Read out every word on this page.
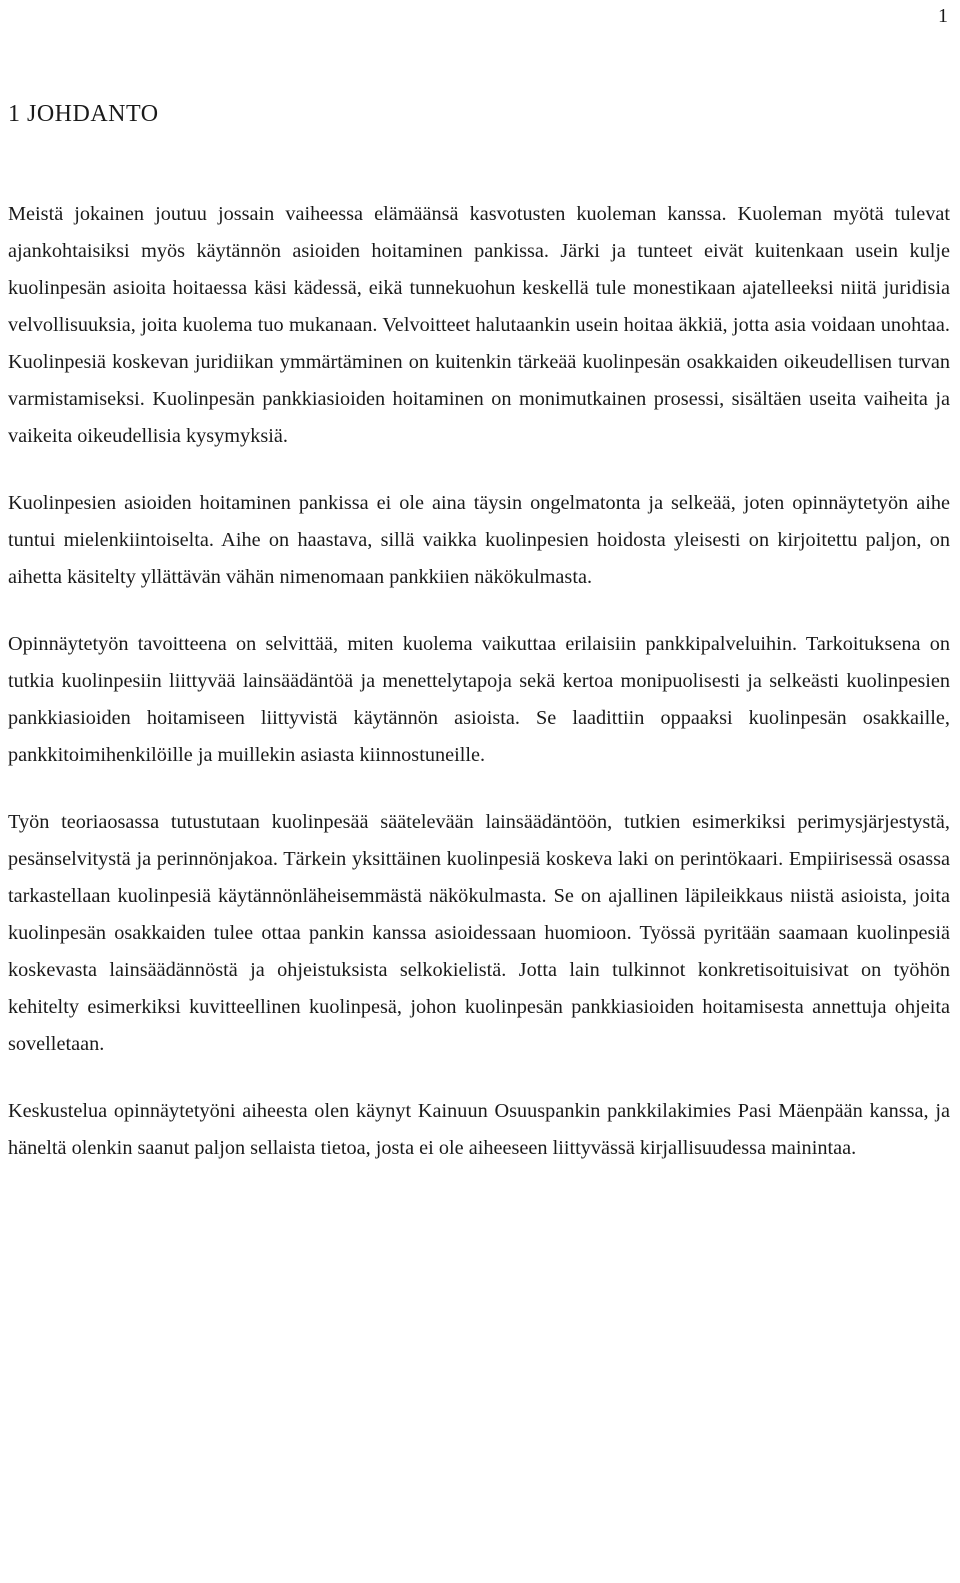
1
1 JOHDANTO

Meistä jokainen joutuu jossain vaiheessa elämäänsä kasvotusten kuoleman kanssa. Kuoleman myötä tulevat ajankohtaisiksi myös käytännön asioiden hoitaminen pankissa. Järki ja tunteet eivät kuitenkaan usein kulje kuolinpesän asioita hoitaessa käsi kädessä, eikä tunnekuohun keskellä tule monestikaan ajatelleeksi niitä juridisia velvollisuuksia, joita kuolema tuo mukanaan. Velvoitteet halutaankin usein hoitaa äkkiä, jotta asia voidaan unohtaa. Kuolinpesiä koskevan juridiikan ymmärtäminen on kuitenkin tärkeää kuolinpesän osakkaiden oikeudellisen turvan varmistamiseksi. Kuolinpesän pankkiasioiden hoitaminen on monimutkainen prosessi, sisältäen useita vaiheita ja vaikeita oikeudellisia kysymyksiä.

Kuolinpesien asioiden hoitaminen pankissa ei ole aina täysin ongelmatonta ja selkeää, joten opinnäytetyön aihe tuntui mielenkiintoiselta. Aihe on haastava, sillä vaikka kuolinpesien hoidosta yleisesti on kirjoitettu paljon, on aihetta käsitelty yllättävän vähän nimenomaan pankkiien näkökulmasta.

Opinnäytetyön tavoitteena on selvittää, miten kuolema vaikuttaa erilaisiin pankkipalveluihin. Tarkoituksena on tutkia kuolinpesiin liittyvää lainsäädäntöä ja menettelytapoja sekä kertoa monipuolisesti ja selkeästi kuolinpesien pankkiasioiden hoitamiseen liittyvistä käytännön asioista. Se laadittiin oppaaksi kuolinpesän osakkaille, pankkitoimihenkilöille ja muillekin asiasta kiinnostuneille.

Työn teoriaosassa tutustutaan kuolinpesää säätelevään lainsäädäntöön, tutkien esimerkiksi perimysjärjestystä, pesänselvitystä ja perinnönjakoa. Tärkein yksittäinen kuolinpesiä koskeva laki on perintökaari. Empiirisessä osassa tarkastellaan kuolinpesiä käytännönläheisemmästä näkökulmasta. Se on ajallinen läpileikkaus niistä asioista, joita kuolinpesän osakkaiden tulee ottaa pankin kanssa asioidessaan huomioon. Työssä pyritään saamaan kuolinpesiä koskevasta lainsäädännöstä ja ohjeistuksista selkokielistä. Jotta lain tulkinnot konkretisoituisivat on työhön kehitelty esimerkiksi kuvitteellinen kuolinpesä, johon kuolinpesän pankkiasioiden hoitamisesta annettuja ohjeita sovelletaan.

Keskustelua opinnäytetyöni aiheesta olen käynyt Kainuun Osuuspankin pankkilakimies Pasi Mäenpään kanssa, ja häneltä olenkin saanut paljon sellaista tietoa, josta ei ole aiheeseen liittyvässä kirjallisuudessa mainintaa.
